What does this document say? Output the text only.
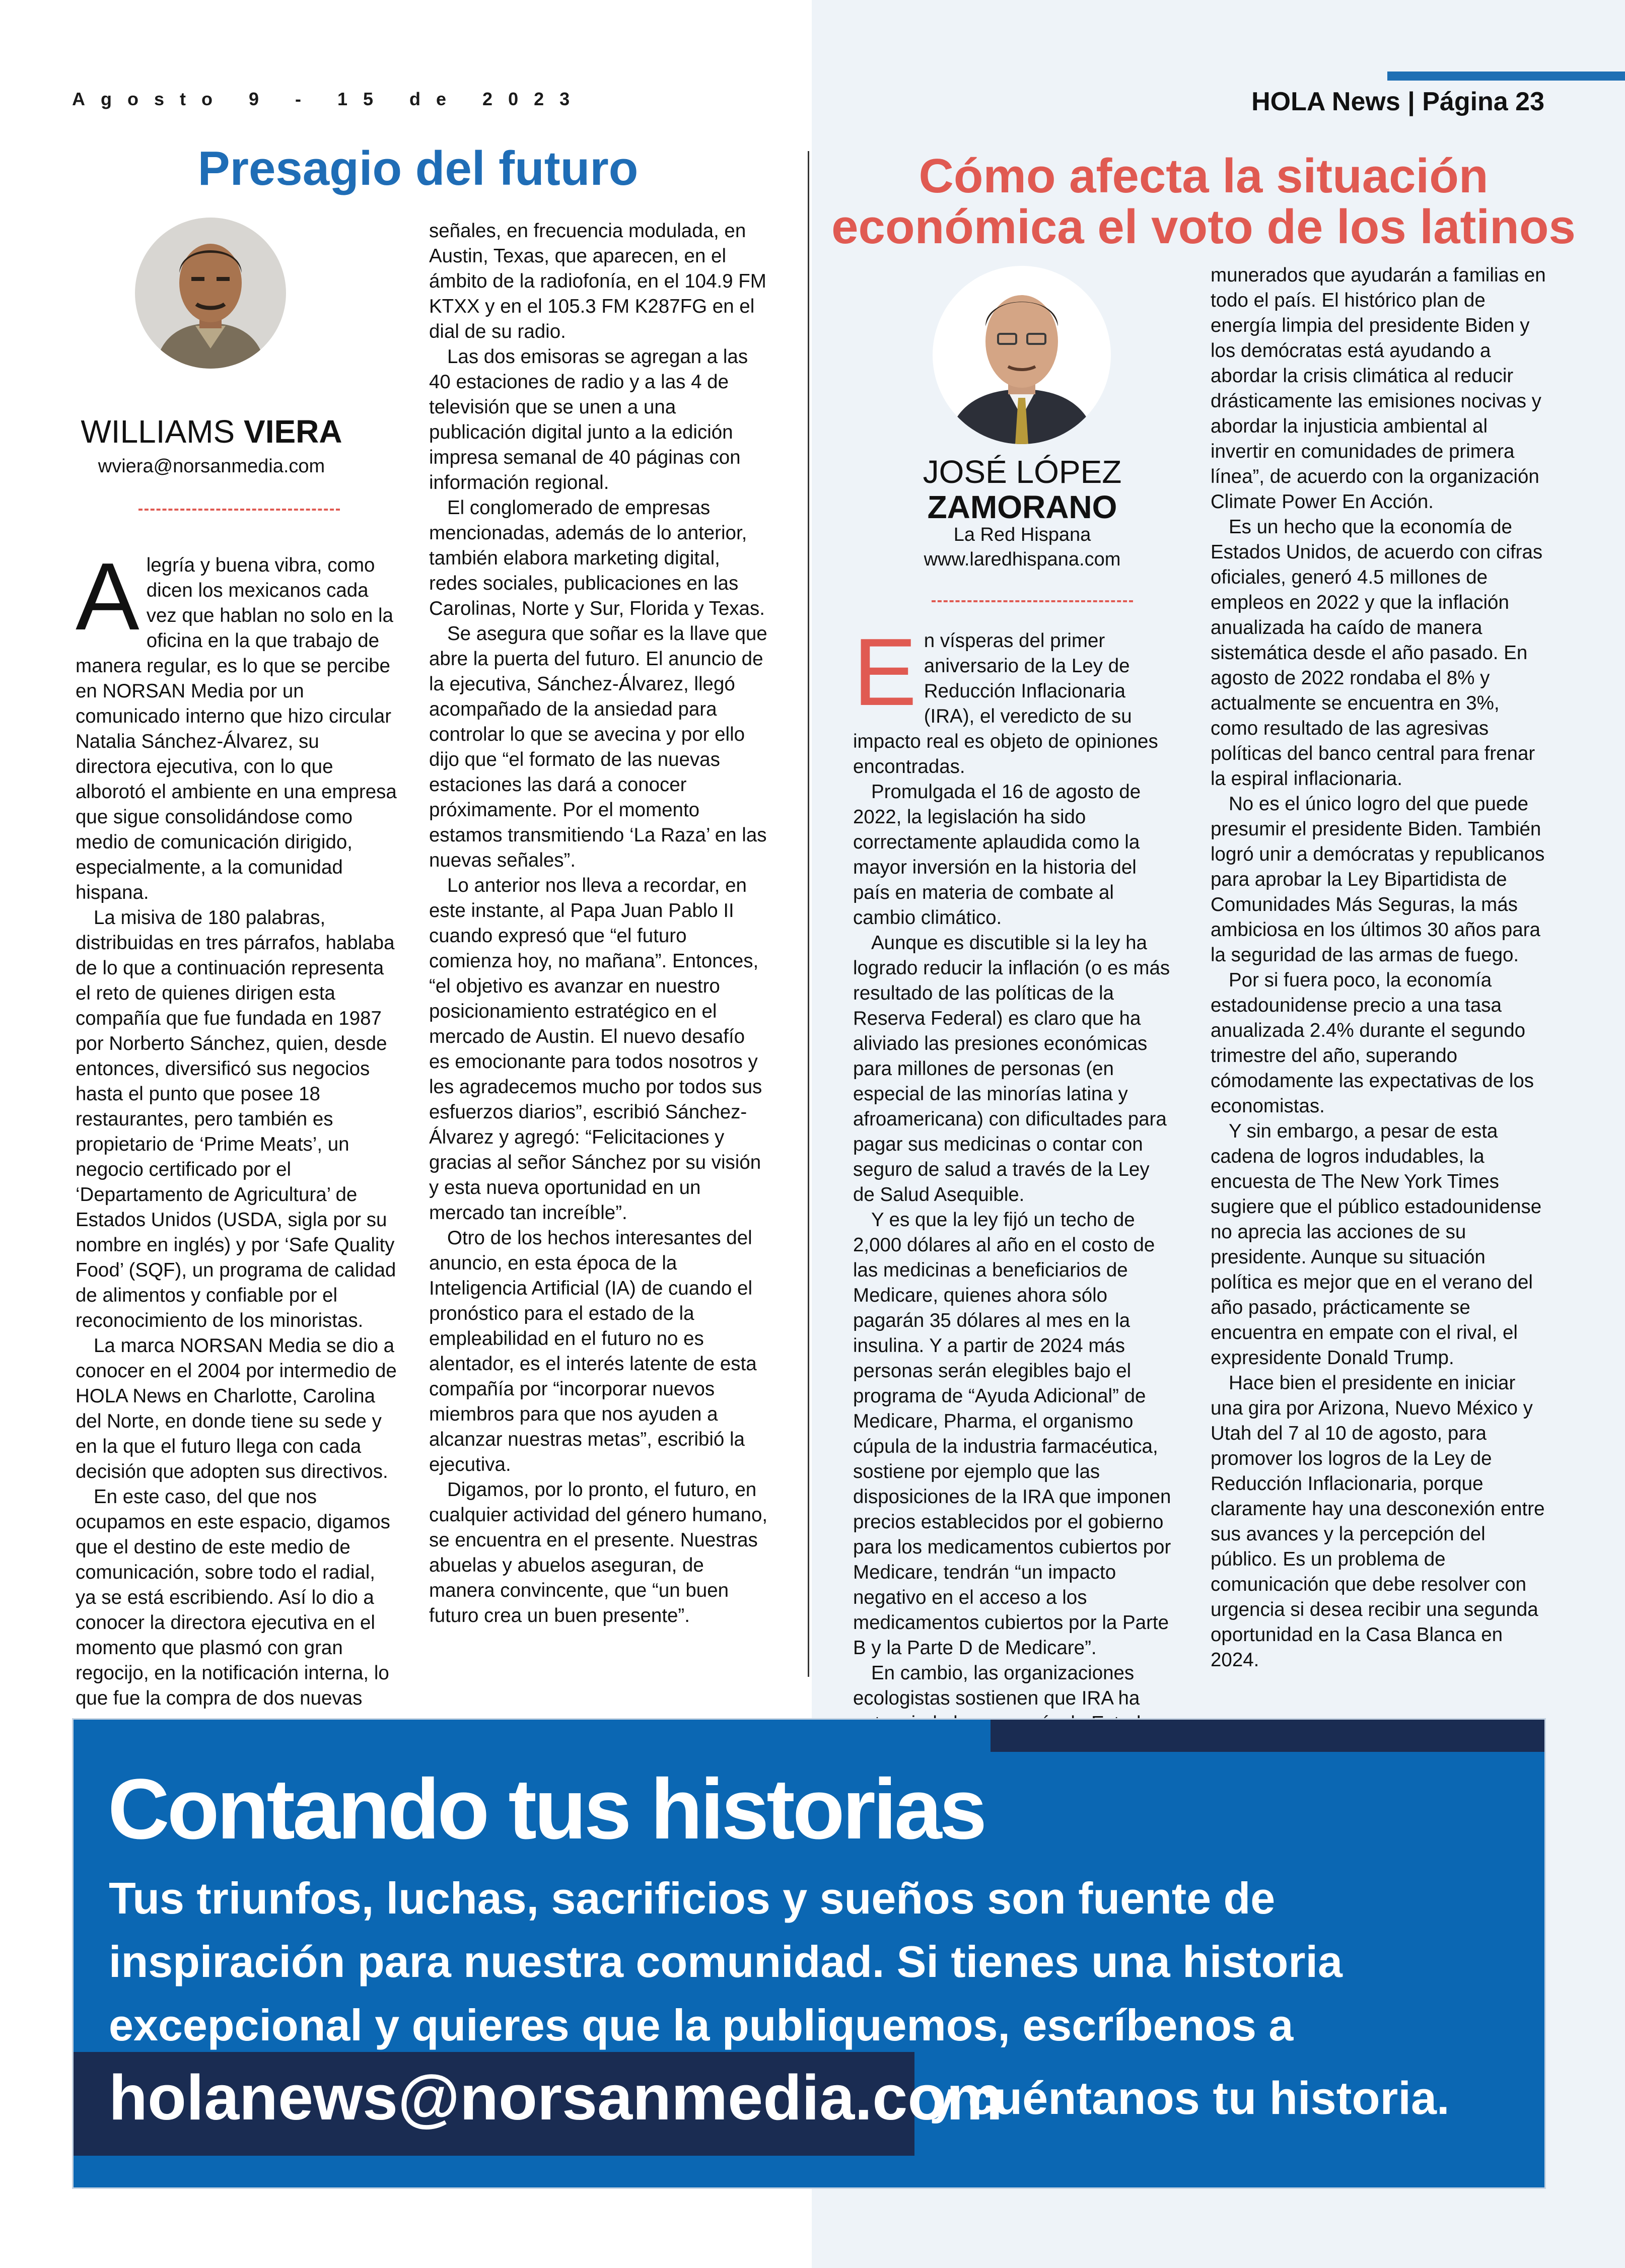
Agosto 9 - 15 de 2023	HOLA News | Página 23
Presagio del futuro
WILLIAMS VIERA
wviera@norsanmedia.com

Alegría y buena vibra, como dicen los mexicanos cada vez que hablan no solo en la oficina en la que trabajo de manera regular, es lo que se percibe en NORSAN Media por un comunicado interno que hizo circular Natalia Sánchez-Álvarez, su directora ejecutiva, con lo que alborotó el ambiente en una empresa que sigue consolidándose como medio de comunicación dirigido, especialmente, a la comunidad hispana.

La misiva de 180 palabras, distribuidas en tres párrafos, hablaba de lo que a continuación representa el reto de quienes dirigen esta compañía que fue fundada en 1987 por Norberto Sánchez, quien, desde entonces, diversificó sus negocios hasta el punto que posee 18 restaurantes, pero también es propietario de ‘Prime Meats’, un negocio certificado por el ‘Departamento de Agricultura’ de Estados Unidos (USDA, sigla por su nombre en inglés) y por ‘Safe Quality Food’ (SQF), un programa de calidad de alimentos y confiable por el reconocimiento de los minoristas.

La marca NORSAN Media se dio a conocer en el 2004 por intermedio de HOLA News en Charlotte, Carolina del Norte, en donde tiene su sede y en la que el futuro llega con cada decisión que adopten sus directivos.

En este caso, del que nos ocupamos en este espacio, digamos que el destino de este medio de comunicación, sobre todo el radial, ya se está escribiendo. Así lo dio a conocer la directora ejecutiva en el momento que plasmó con gran regocijo, en la notificación interna, lo que fue la compra de dos nuevas

señales, en frecuencia modulada, en Austin, Texas, que aparecen, en el ámbito de la radiofonía, en el 104.9 FM KTXX y en el 105.3 FM K287FG en el dial de su radio.

Las dos emisoras se agregan a las 40 estaciones de radio y a las 4 de televisión que se unen a una publicación digital junto a la edición impresa semanal de 40 páginas con información regional.

El conglomerado de empresas mencionadas, además de lo anterior, también elabora marketing digital, redes sociales, publicaciones en las Carolinas, Norte y Sur, Florida y Texas.

Se asegura que soñar es la llave que abre la puerta del futuro. El anuncio de la ejecutiva, Sánchez-Álvarez, llegó acompañado de la ansiedad para controlar lo que se avecina y por ello dijo que “el formato de las nuevas estaciones las dará a conocer próximamente. Por el momento estamos transmitiendo ‘La Raza’ en las nuevas señales”.

Lo anterior nos lleva a recordar, en este instante, al Papa Juan Pablo II cuando expresó que “el futuro comienza hoy, no mañana”. Entonces, “el objetivo es avanzar en nuestro posicionamiento estratégico en el mercado de Austin. El nuevo desafío es emocionante para todos nosotros y les agradecemos mucho por todos sus esfuerzos diarios”, escribió Sánchez-Álvarez y agregó: “Felicitaciones y gracias al señor Sánchez por su visión y esta nueva oportunidad en un mercado tan increíble”.

Otro de los hechos interesantes del anuncio, en esta época de la Inteligencia Artificial (IA) de cuando el pronóstico para el estado de la empleabilidad en el futuro no es alentador, es el interés latente de esta compañía por “incorporar nuevos miembros para que nos ayuden a alcanzar nuestras metas”, escribió la ejecutiva.

Digamos, por lo pronto, el futuro, en cualquier actividad del género humano, se encuentra en el presente. Nuestras abuelas y abuelos aseguran, de manera convincente, que “un buen futuro crea un buen presente”.

Cómo afecta la situación económica el voto de los latinos
JOSÉ LÓPEZ
ZAMORANO
La Red Hispana
www.laredhispana.com

En vísperas del primer aniversario de la Ley de Reducción Inflacionaria (IRA), el veredicto de su impacto real es objeto de opiniones encontradas.

Promulgada el 16 de agosto de 2022, la legislación ha sido correctamente aplaudida como la mayor inversión en la historia del país en materia de combate al cambio climático.

Aunque es discutible si la ley ha logrado reducir la inflación (o es más resultado de las políticas de la Reserva Federal) es claro que ha aliviado las presiones económicas para millones de personas (en especial de las minorías latina y afroamericana) con dificultades para pagar sus medicinas o contar con seguro de salud a través de la Ley de Salud Asequible.

Y es que la ley fijó un techo de 2,000 dólares al año en el costo de las medicinas a beneficiarios de Medicare, quienes ahora sólo pagarán 35 dólares al mes en la insulina. Y a partir de 2024 más personas serán elegibles bajo el programa de “Ayuda Adicional” de Medicare, Pharma, el organismo cúpula de la industria farmacéutica, sostiene por ejemplo que las disposiciones de la IRA que imponen precios establecidos por el gobierno para los medicamentos cubiertos por Medicare, tendrán “un impacto negativo en el acceso a los medicamentos cubiertos por la Parte B y la Parte D de Medicare”.

En cambio, las organizaciones ecologistas sostienen que IRA ha

munerados que ayudarán a familias en todo el país. El histórico plan de energía limpia del presidente Biden y los demócratas está ayudando a abordar la crisis climática al reducir drásticamente las emisiones nocivas y abordar la injusticia ambiental al invertir en comunidades de primera línea”, de acuerdo con la organización Climate Power En Acción.

Es un hecho que la economía de Estados Unidos, de acuerdo con cifras oficiales, generó 4.5 millones de empleos en 2022 y que la inflación anualizada ha caído de manera sistemática desde el año pasado. En agosto de 2022 rondaba el 8% y actualmente se encuentra en 3%, como resultado de las agresivas políticas del banco central para frenar la espiral inflacionaria.

No es el único logro del que puede presumir el presidente Biden. También logró unir a demócratas y republicanos para aprobar la Ley Bipartidista de Comunidades Más Seguras, la más ambiciosa en los últimos 30 años para la seguridad de las armas de fuego.

Por si fuera poco, la economía estadounidense precio a una tasa anualizada 2.4% durante el segundo trimestre del año, superando cómodamente las expectativas de los economistas.

Y sin embargo, a pesar de esta cadena de logros indudables, la encuesta de The New York Times sugiere que el público estadounidense no aprecia las acciones de su presidente. Aunque su situación política es mejor que en el verano del año pasado, prácticamente se encuentra en empate con el rival, el expresidente Donald Trump.

Hace bien el presidente en iniciar una gira por Arizona, Nuevo México y Utah del 7 al 10 de agosto, para promover los logros de la Ley de Reducción Inflacionaria, porque claramente hay una desconexión entre sus avances y la percepción del público. Es un problema de comunicación que debe resolver con urgencia si desea recibir una segunda oportunidad en la Casa Blanca en 2024.

Contando tus historias
Tus triunfos, luchas, sacrificios y sueños son fuente de inspiración para nuestra comunidad. Si tienes una historia excepcional y quieres que la publiquemos, escríbenos a
holanews@norsanmedia.com
y cuéntanos tu historia.
